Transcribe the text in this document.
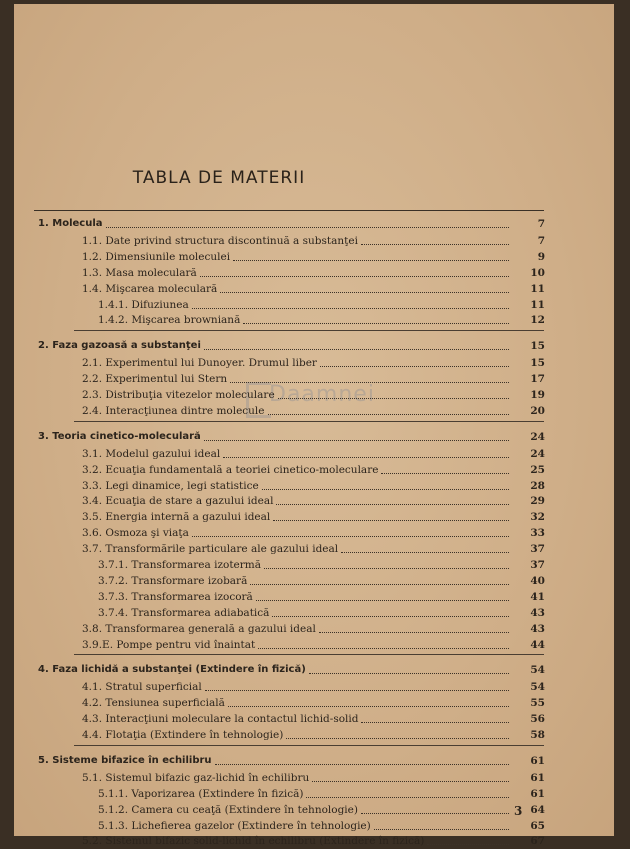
TABLA DE MATERII
Daamnei
1. Molecula	7
1.1. Date privind structura discontinuă a substanţei	7
1.2. Dimensiunile moleculei	9
1.3. Masa moleculară	10
1.4. Mişcarea moleculară	11
1.4.1. Difuziunea	11
1.4.2. Mişcarea browniană	12
2. Faza gazoasă a substanţei	15
2.1. Experimentul lui Dunoyer. Drumul liber	15
2.2. Experimentul lui Stern	17
2.3. Distribuţia vitezelor moleculare	19
2.4. Interacţiunea dintre molecule	20
3. Teoria cinetico-moleculară	24
3.1. Modelul gazului ideal	24
3.2. Ecuaţia fundamentală a teoriei cinetico-moleculare	25
3.3. Legi dinamice, legi statistice	28
3.4. Ecuaţia de stare a gazului ideal	29
3.5. Energia internă a gazului ideal	32
3.6. Osmoza şi viaţa	33
3.7. Transformările particulare ale gazului ideal	37
3.7.1. Transformarea izotermă	37
3.7.2. Transformare izobară	40
3.7.3. Transformarea izocoră	41
3.7.4. Transformarea adiabatică	43
3.8. Transformarea generală a gazului ideal	43
3.9.E. Pompe pentru vid înaintat	44
4. Faza lichidă a substanţei (Extindere în fizică)	54
4.1. Stratul superficial	54
4.2. Tensiunea superficială	55
4.3. Interacţiuni moleculare la contactul lichid-solid	56
4.4. Flotaţia (Extindere în tehnologie)	58
5. Sisteme bifazice în echilibru	61
5.1. Sistemul bifazic gaz-lichid în echilibru	61
5.1.1. Vaporizarea (Extindere în fizică)	61
5.1.2. Camera cu ceaţă (Extindere în tehnologie)	64
5.1.3. Lichefierea gazelor (Extindere în tehnologie)	65
5.2. Sistemul bifazic solid-lichid în echilibru (Extindere în fizică)	67
3
